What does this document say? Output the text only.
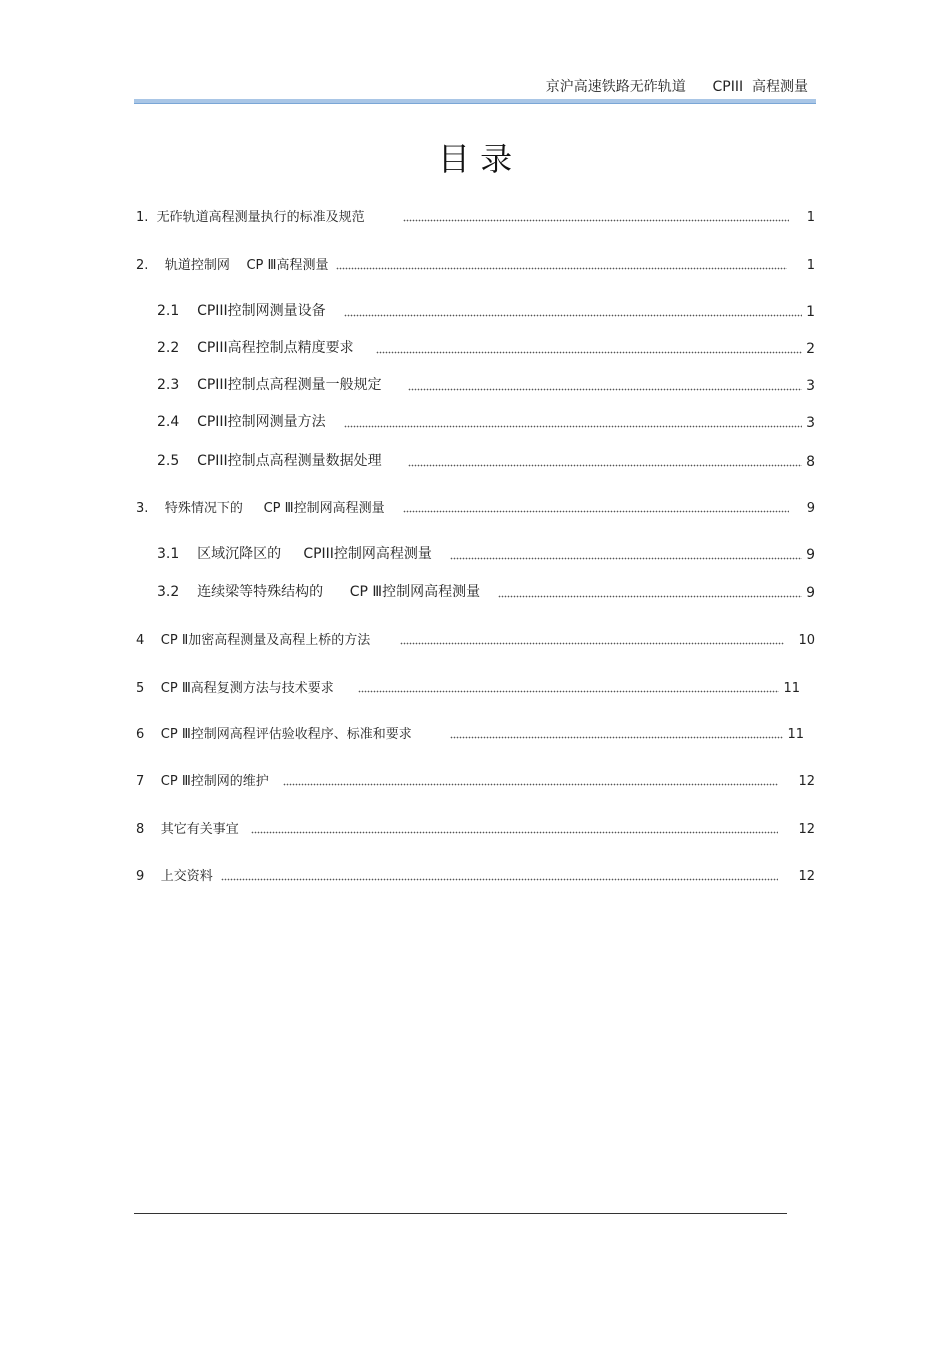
京沪高速铁路无砟轨道      CPIII  高程测量
目 录
1.  无砟轨道高程测量执行的标准及规范	1
2.    轨道控制网    CP Ⅲ高程测量	1
2.1    CPIII控制网测量设备	1
2.2    CPIII高程控制点精度要求	2
2.3    CPIII控制点高程测量一般规定	3
2.4    CPIII控制网测量方法	3
2.5    CPIII控制点高程测量数据处理	8
3.    特殊情况下的     CP Ⅲ控制网高程测量	9
3.1    区域沉降区的     CPIII控制网高程测量	9
3.2    连续梁等特殊结构的      CP Ⅲ控制网高程测量	9
4    CP Ⅱ加密高程测量及高程上桥的方法	10
5    CP Ⅲ高程复测方法与技术要求	11
6    CP Ⅲ控制网高程评估验收程序、标准和要求	11
7    CP Ⅲ控制网的维护	12
8    其它有关事宜	12
9    上交资料	12
